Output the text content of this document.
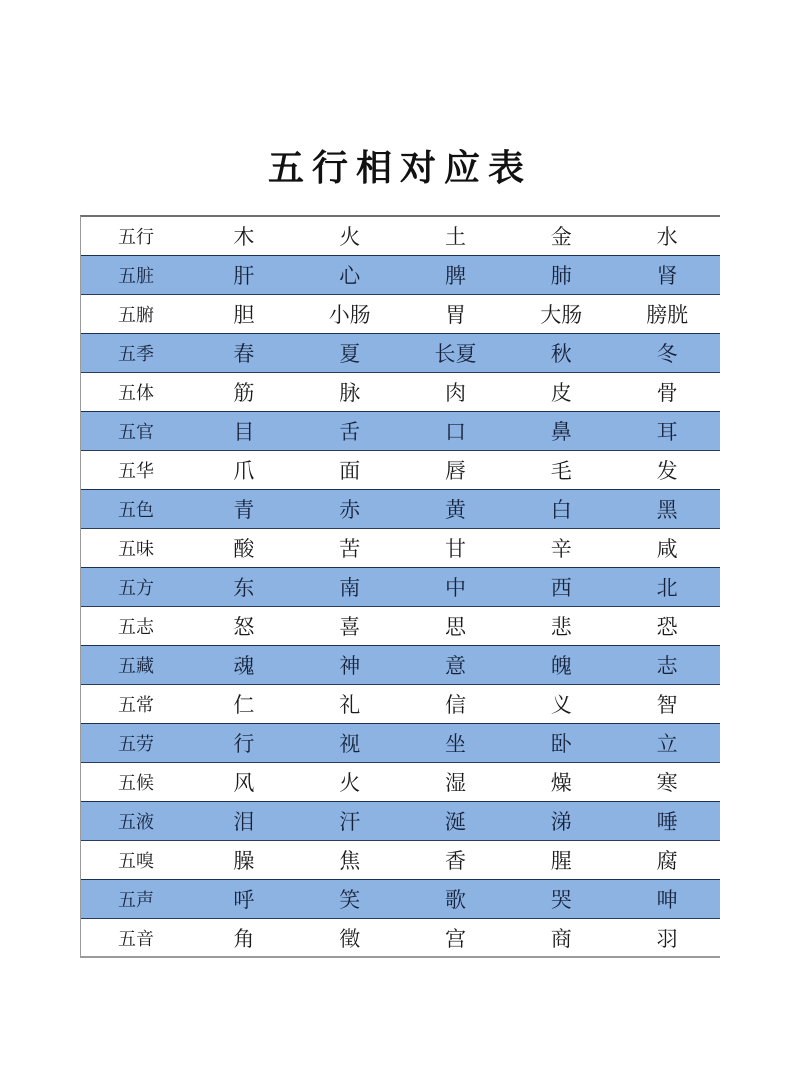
五行相对应表
五行	木	火	土	金	水
五脏	肝	心	脾	肺	肾
五腑	胆	小肠	胃	大肠	膀胱
五季	春	夏	长夏	秋	冬
五体	筋	脉	肉	皮	骨
五官	目	舌	口	鼻	耳
五华	爪	面	唇	毛	发
五色	青	赤	黄	白	黑
五味	酸	苦	甘	辛	咸
五方	东	南	中	西	北
五志	怒	喜	思	悲	恐
五藏	魂	神	意	魄	志
五常	仁	礼	信	义	智
五劳	行	视	坐	卧	立
五候	风	火	湿	燥	寒
五液	泪	汗	涎	涕	唾
五嗅	臊	焦	香	腥	腐
五声	呼	笑	歌	哭	呻
五音	角	徵	宫	商	羽
